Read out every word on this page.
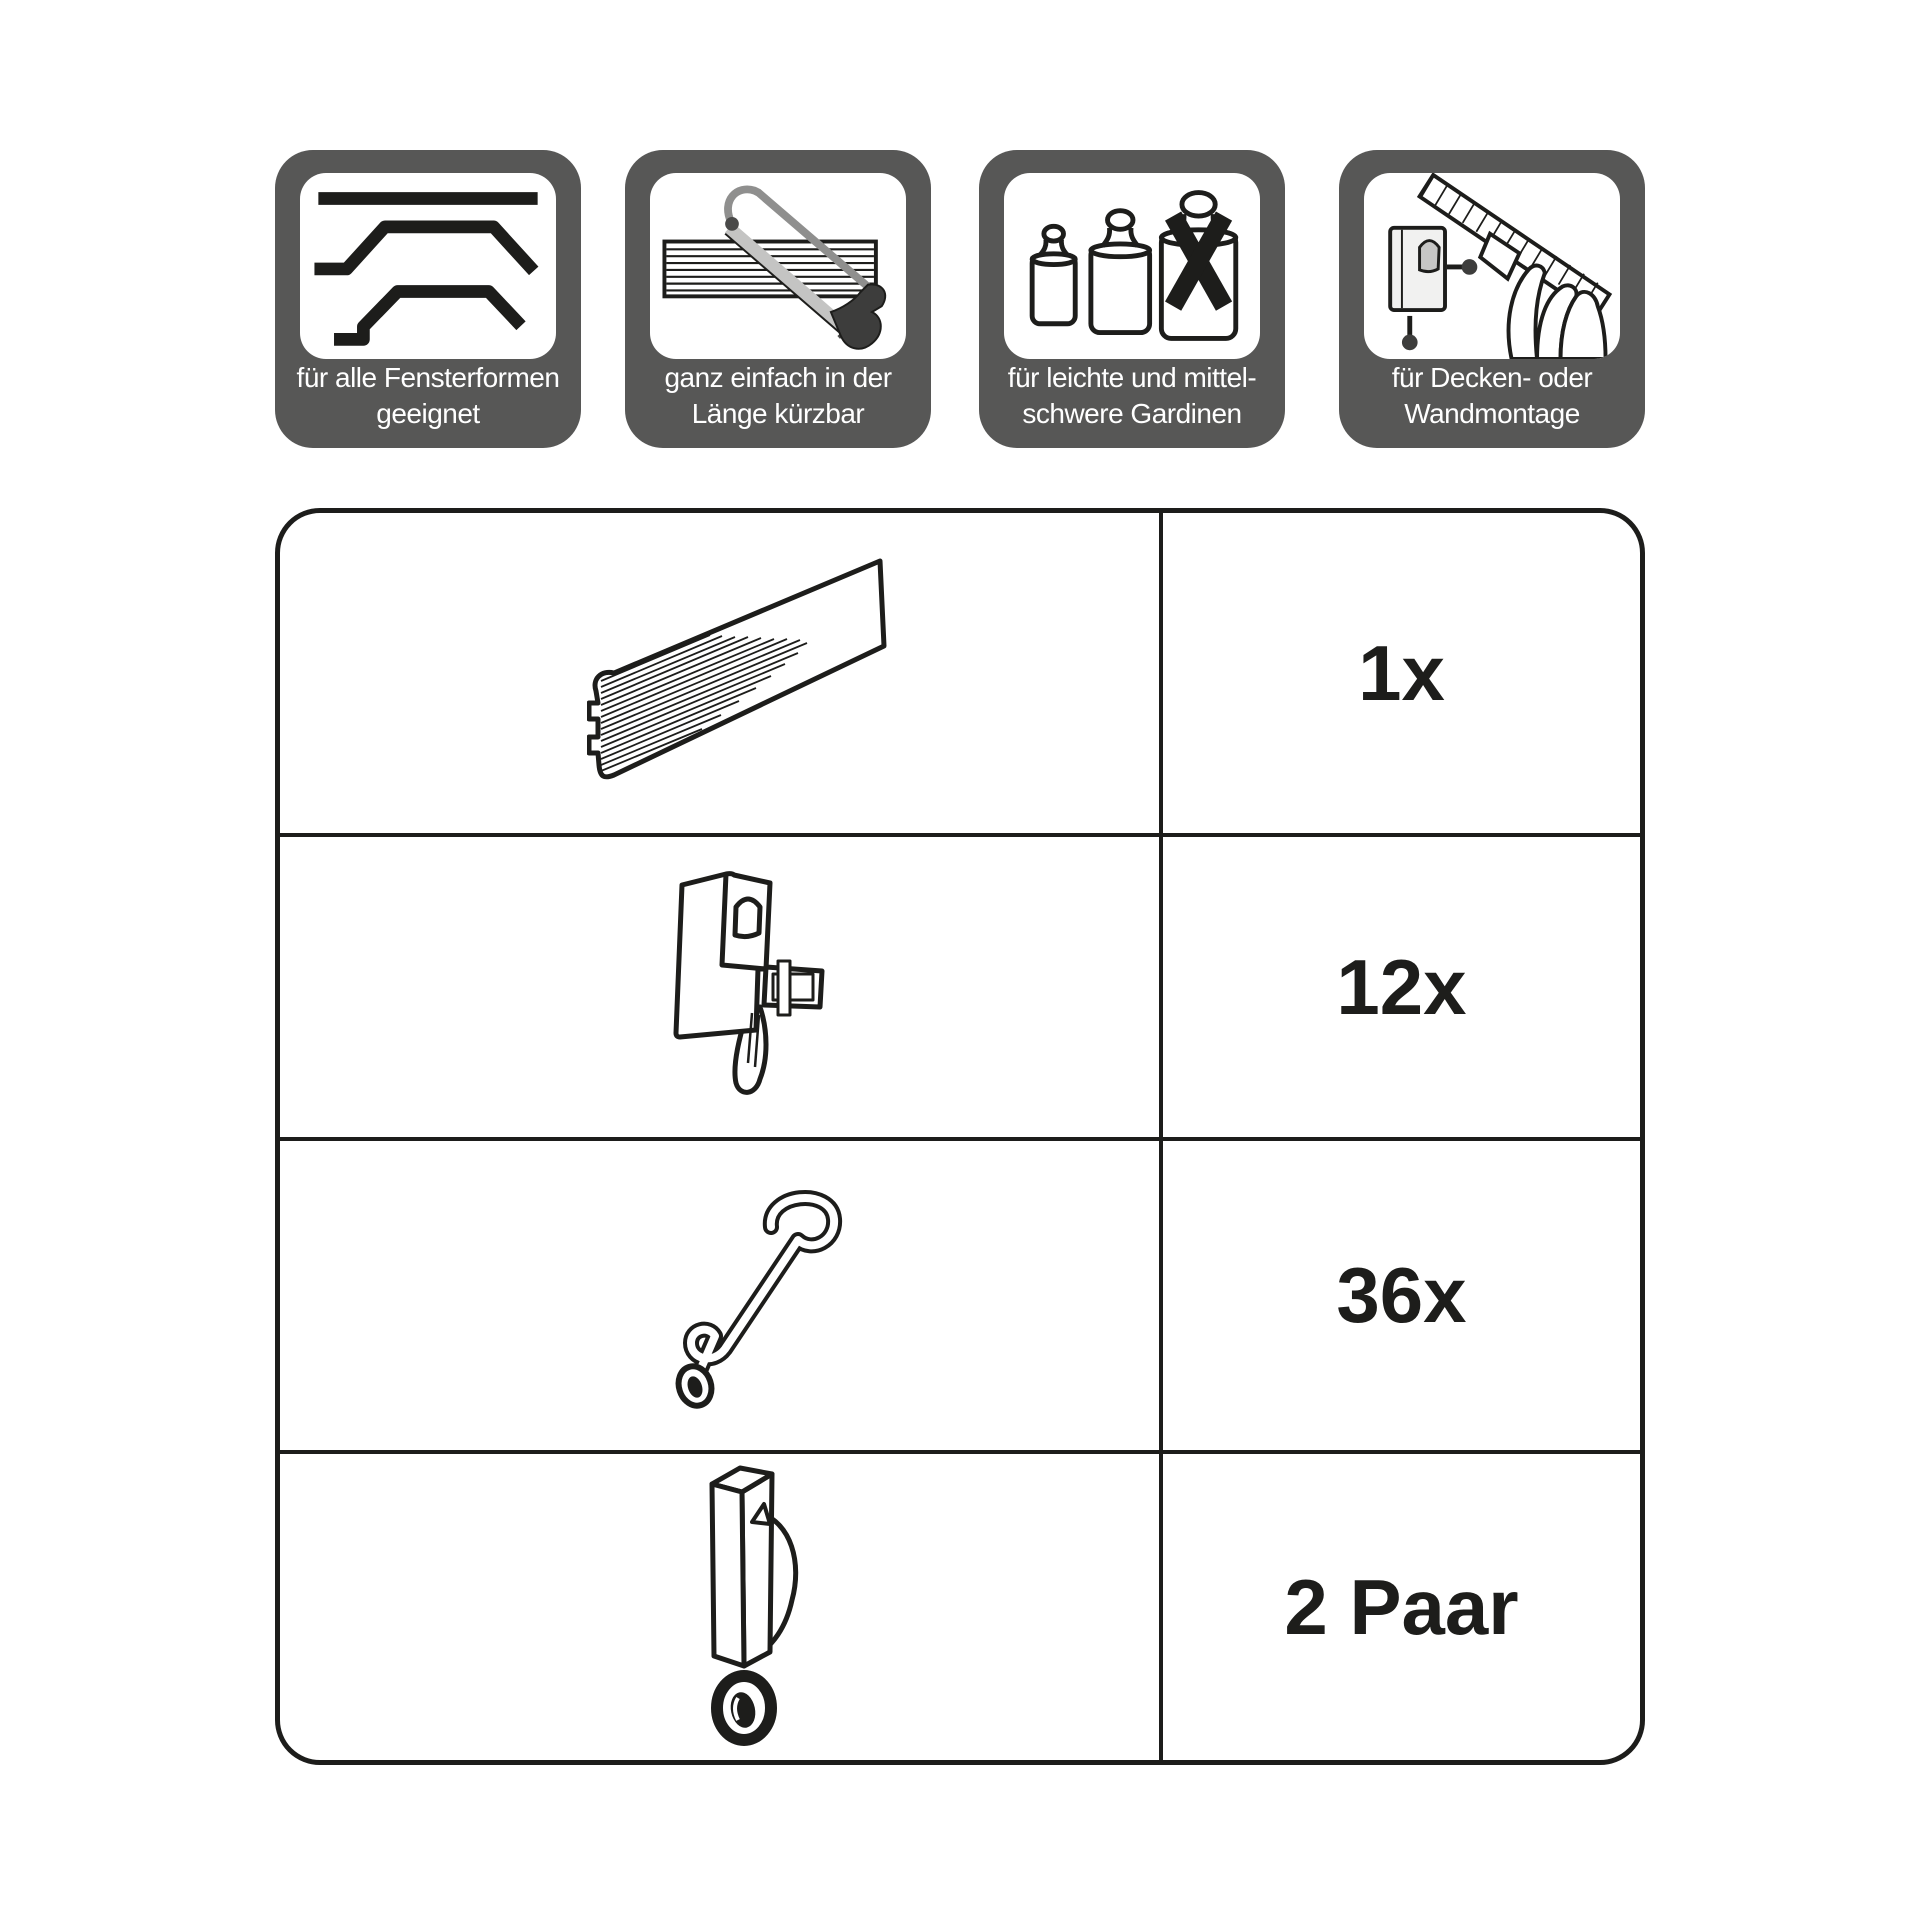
für alle Fensterformen
geeignet
ganz einfach in der
Länge kürzbar
für leichte und mittel-
schwere Gardinen
für Decken- oder
Wandmontage
1x
12x
36x
2 Paar
